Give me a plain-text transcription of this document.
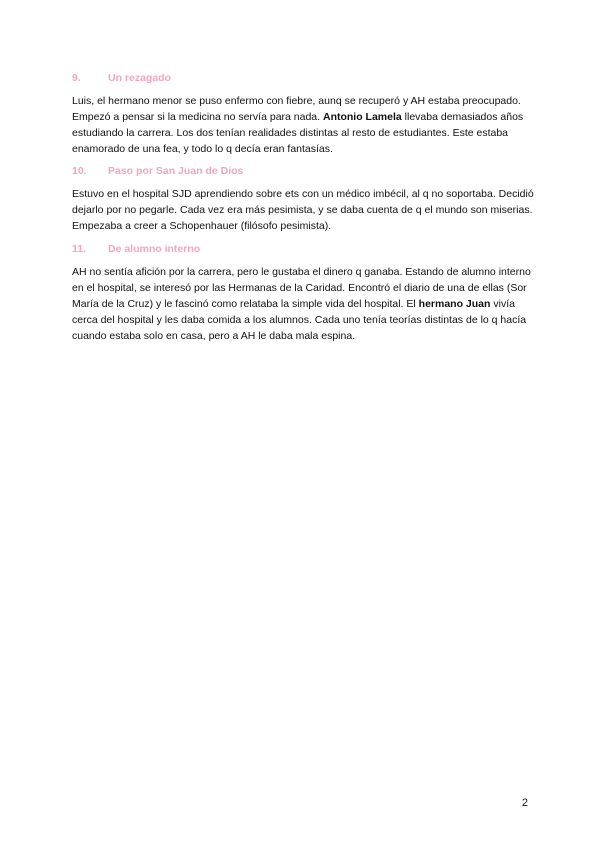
9.	Un rezagado

Luis, el hermano menor se puso enfermo con fiebre, aunq se recuperó y AH estaba preocupado. Empezó a pensar si la medicina no servía para nada. Antonio Lamela llevaba demasiados años estudiando la carrera. Los dos tenían realidades distintas al resto de estudiantes. Este estaba enamorado de una fea, y todo lo q decía eran fantasías.

10.	Paso por San Juan de Dios

Estuvo en el hospital SJD aprendiendo sobre ets con un médico imbécil, al q no soportaba. Decidió dejarlo por no pegarle. Cada vez era más pesimista, y se daba cuenta de q el mundo son miserias. Empezaba a creer a Schopenhauer (filósofo pesimista).

11.	De alumno interno

AH no sentía afición por la carrera, pero le gustaba el dinero q ganaba. Estando de alumno interno en el hospital, se interesó por las Hermanas de la Caridad. Encontró el diario de una de ellas (Sor María de la Cruz) y le fascinó como relataba la simple vida del hospital. El hermano Juan vivía cerca del hospital y les daba comida a los alumnos. Cada uno tenía teorías distintas de lo q hacía cuando estaba solo en casa, pero a AH le daba mala espina.

2
